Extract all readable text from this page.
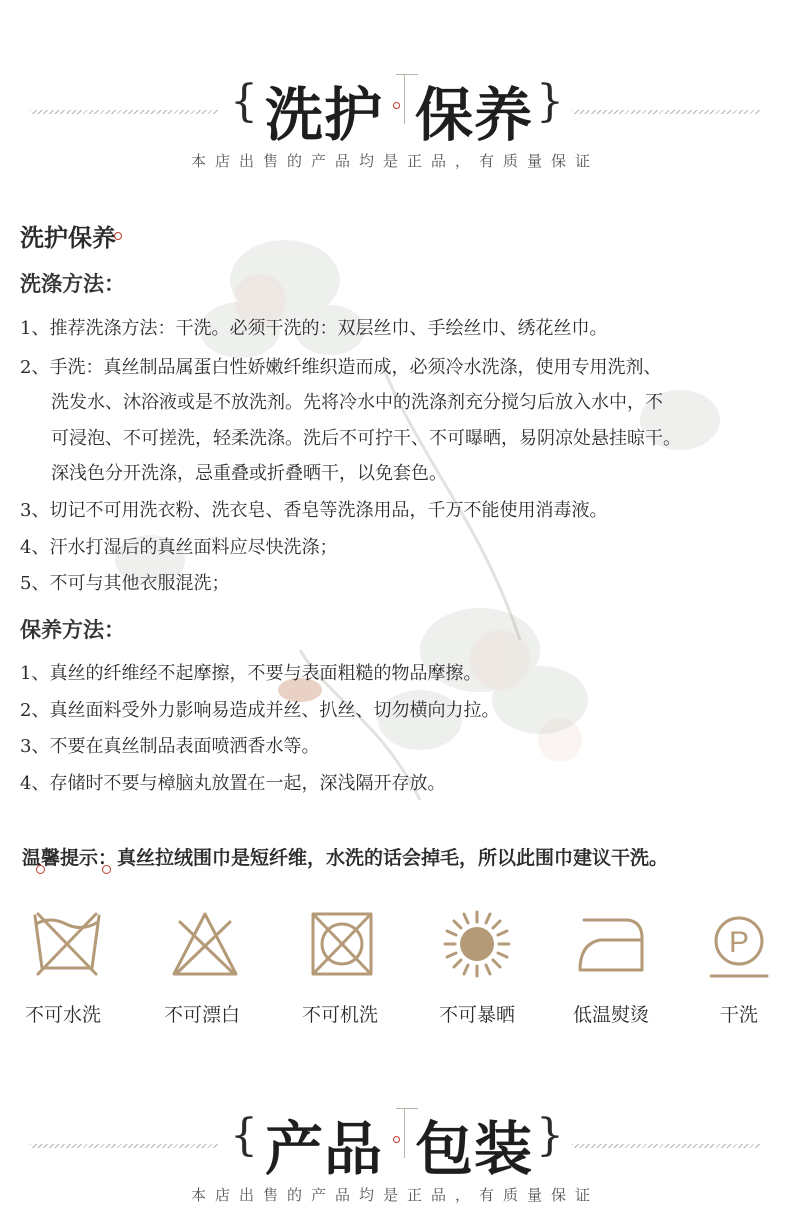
{ 洗护 保养 }
本店出售的产品均是正品，有质量保证
洗护保养
洗涤方法：
1、推荐洗涤方法：干洗。必须干洗的：双层丝巾、手绘丝巾、绣花丝巾。
2、手洗：真丝制品属蛋白性娇嫩纤维织造而成，必须冷水洗涤，使用专用洗剂、
洗发水、沐浴液或是不放洗剂。先将冷水中的洗涤剂充分搅匀后放入水中，不
可浸泡、不可搓洗，轻柔洗涤。洗后不可拧干、不可曝晒，易阴凉处悬挂晾干。
深浅色分开洗涤，忌重叠或折叠晒干，以免套色。
3、切记不可用洗衣粉、洗衣皂、香皂等洗涤用品，千万不能使用消毒液。
4、汗水打湿后的真丝面料应尽快洗涤；
5、不可与其他衣服混洗；
保养方法：
1、真丝的纤维经不起摩擦，不要与表面粗糙的物品摩擦。
2、真丝面料受外力影响易造成并丝、扒丝、切勿横向力拉。
3、不要在真丝制品表面喷洒香水等。
4、存储时不要与樟脑丸放置在一起，深浅隔开存放。
温馨提示：
真丝拉绒围巾是短纤维，水洗的话会掉毛，所以此围巾建议干洗。
不可水洗	不可漂白	不可机洗	不可暴晒	低温熨烫
P
干洗
{ 产品 包装 }
本店出售的产品均是正品，有质量保证
